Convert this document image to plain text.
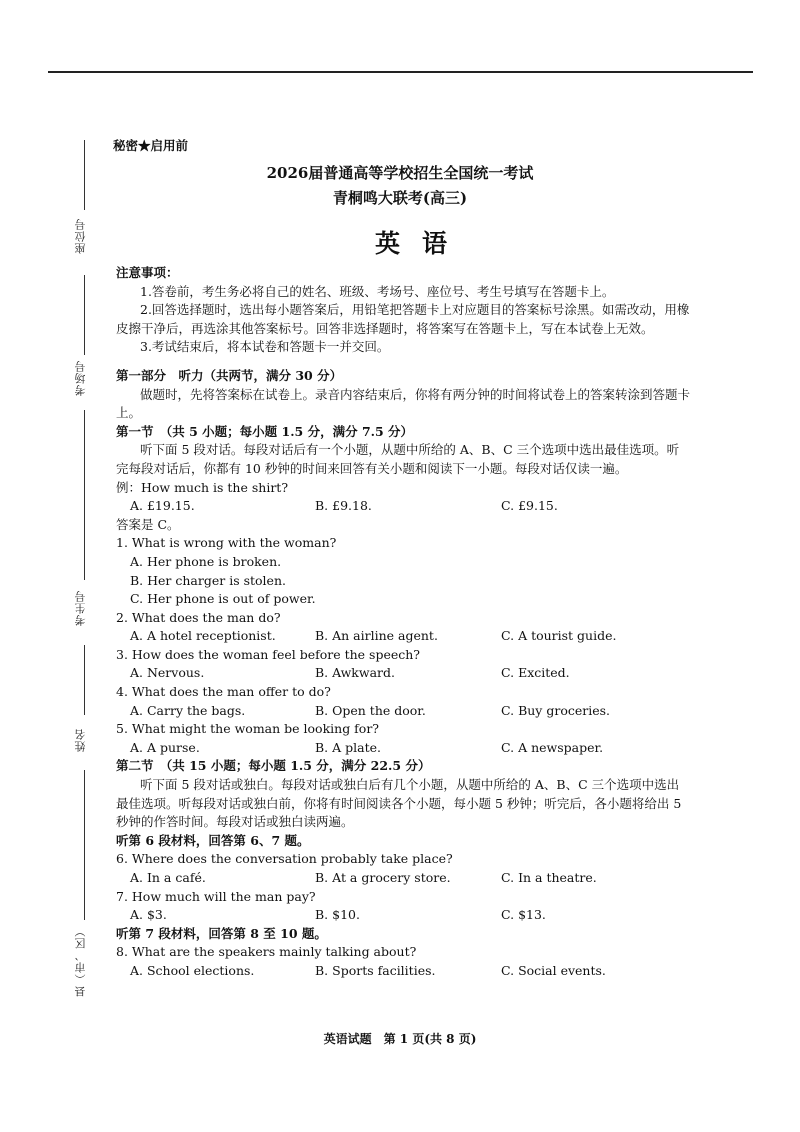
座位号
考场号
考生号
姓名
县（市、区）
秘密★启用前
2026届普通高等学校招生全国统一考试
青桐鸣大联考(高三)
英语

注意事项：

1.答卷前，考生务必将自己的姓名、班级、考场号、座位号、考生号填写在答题卡上。

2.回答选择题时，选出每小题答案后，用铅笔把答题卡上对应题目的答案标号涂黑。如需改动，用橡皮擦干净后，再选涂其他答案标号。回答非选择题时，将答案写在答题卡上，写在本试卷上无效。

3.考试结束后，将本试卷和答题卡一并交回。

第一部分　听力（共两节，满分 30 分）

做题时，先将答案标在试卷上。录音内容结束后，你将有两分钟的时间将试卷上的答案转涂到答题卡上。

第一节　（共 5 小题；每小题 1.5 分，满分 7.5 分）

听下面 5 段对话。每段对话后有一个小题，从题中所给的 A、B、C 三个选项中选出最佳选项。听完每段对话后，你都有 10 秒钟的时间来回答有关小题和阅读下一小题。每段对话仅读一遍。

例：How much is the shirt?

A. £19.15.	B. £9.18.	C. £9.15.

答案是 C。

1. What is wrong with the woman?

A. Her phone is broken.

B. Her charger is stolen.

C. Her phone is out of power.

2. What does the man do?

A. A hotel receptionist.	B. An airline agent.	C. A tourist guide.

3. How does the woman feel before the speech?

A. Nervous.	B. Awkward.	C. Excited.

4. What does the man offer to do?

A. Carry the bags.	B. Open the door.	C. Buy groceries.

5. What might the woman be looking for?

A. A purse.	B. A plate.	C. A newspaper.

第二节　（共 15 小题；每小题 1.5 分，满分 22.5 分）

听下面 5 段对话或独白。每段对话或独白后有几个小题，从题中所给的 A、B、C 三个选项中选出最佳选项。听每段对话或独白前，你将有时间阅读各个小题，每小题 5 秒钟；听完后，各小题将给出 5 秒钟的作答时间。每段对话或独白读两遍。

听第 6 段材料，回答第 6、7 题。

6. Where does the conversation probably take place?

A. In a café.	B. At a grocery store.	C. In a theatre.

7. How much will the man pay?

A. $3.	B. $10.	C. $13.

听第 7 段材料，回答第 8 至 10 题。

8. What are the speakers mainly talking about?

A. School elections.	B. Sports facilities.	C. Social events.
英语试题　第 1 页(共 8 页)
